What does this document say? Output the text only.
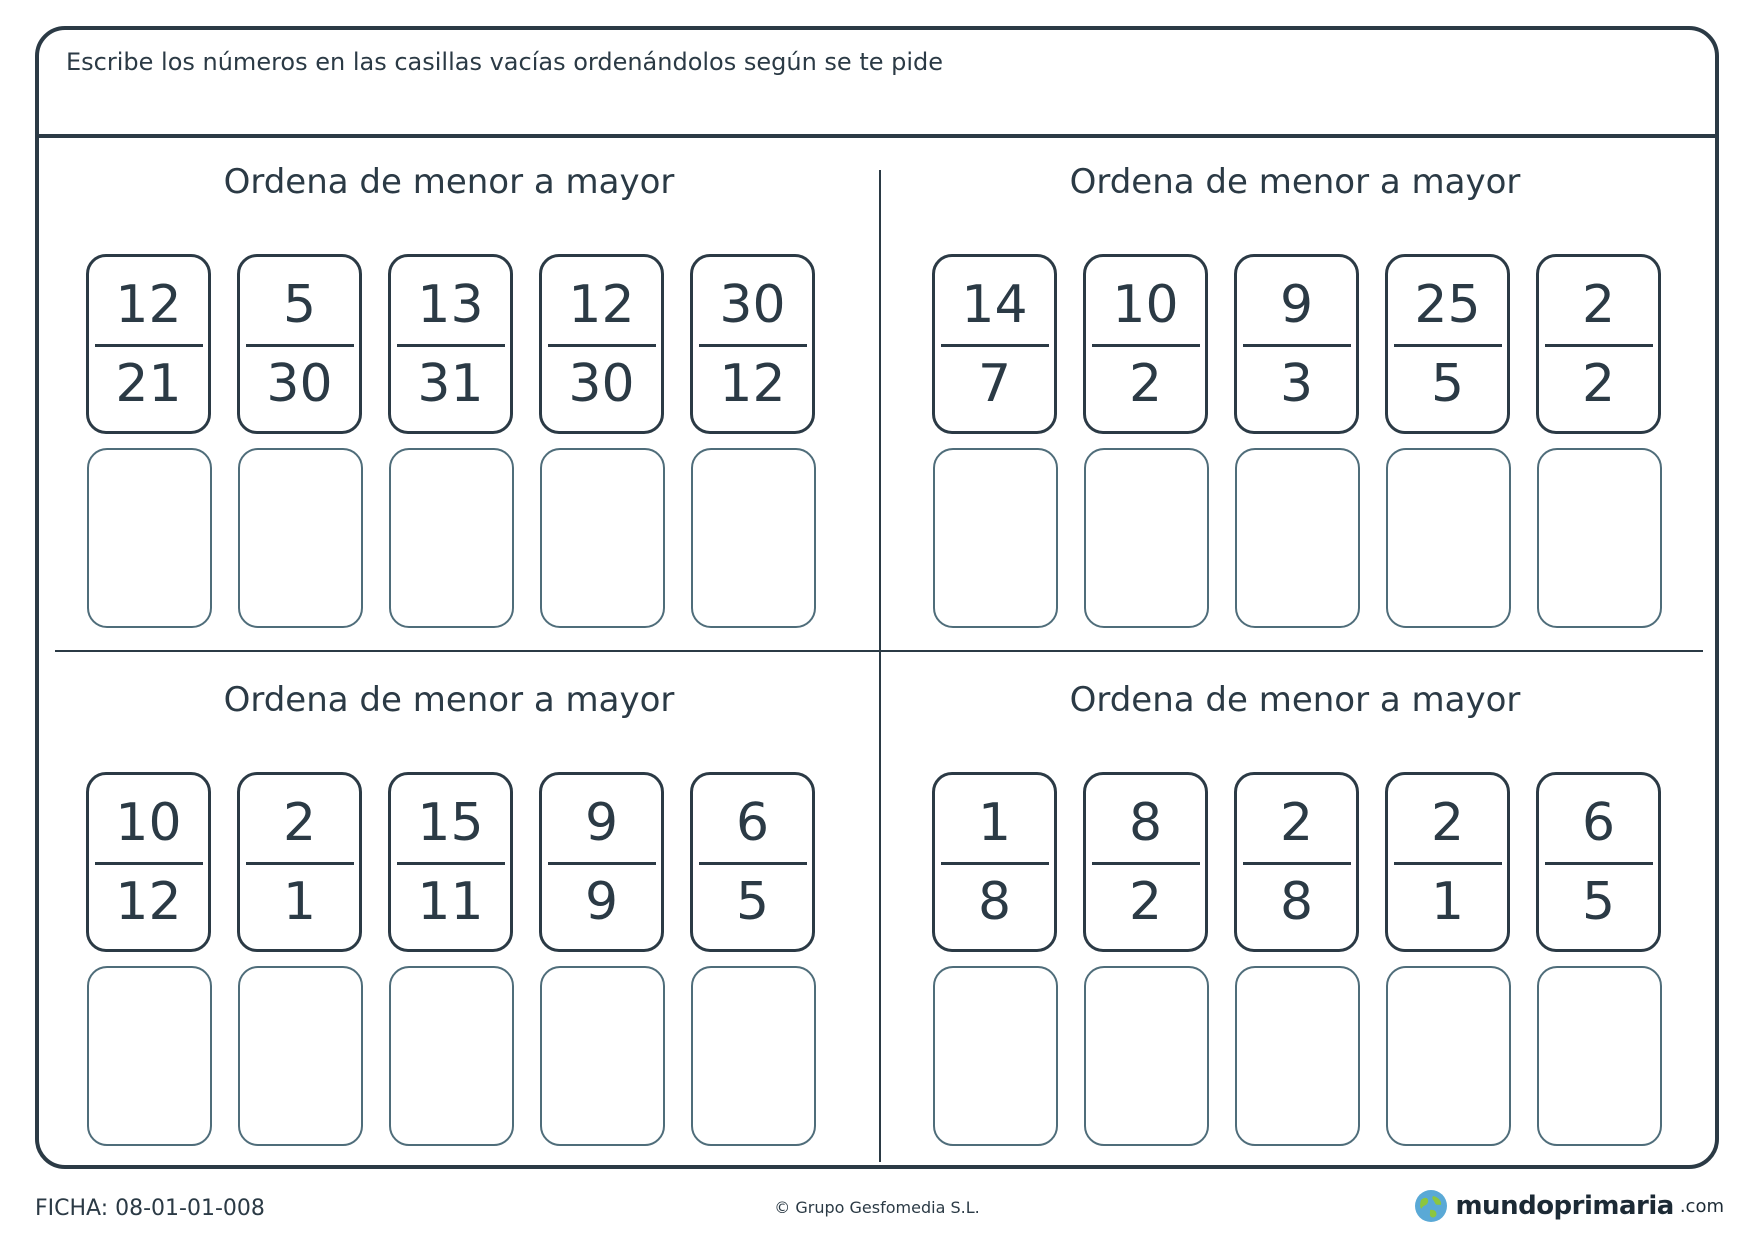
Escribe los números en las casillas vacías ordenándolos según se te pide
Ordena de menor a mayor
$\frac{12}{21} \frac{5}{30} \frac{13}{31} \frac{12}{30} \frac{30}{12}$
Ordena de menor a mayor
$\frac{14}{7} \frac{10}{2} \frac{9}{3} \frac{25}{5} \frac{2}{2}$
Ordena de menor a mayor
$\frac{10}{12} \frac{2}{1} \frac{15}{11} \frac{9}{9} \frac{6}{5}$
Ordena de menor a mayor
$\frac{1}{8} \frac{8}{2} \frac{2}{8} \frac{2}{1} \frac{6}{5}$
FICHA: 08-01-01-008	© Grupo Gesfomedia S.L.	mundoprimaria .com
